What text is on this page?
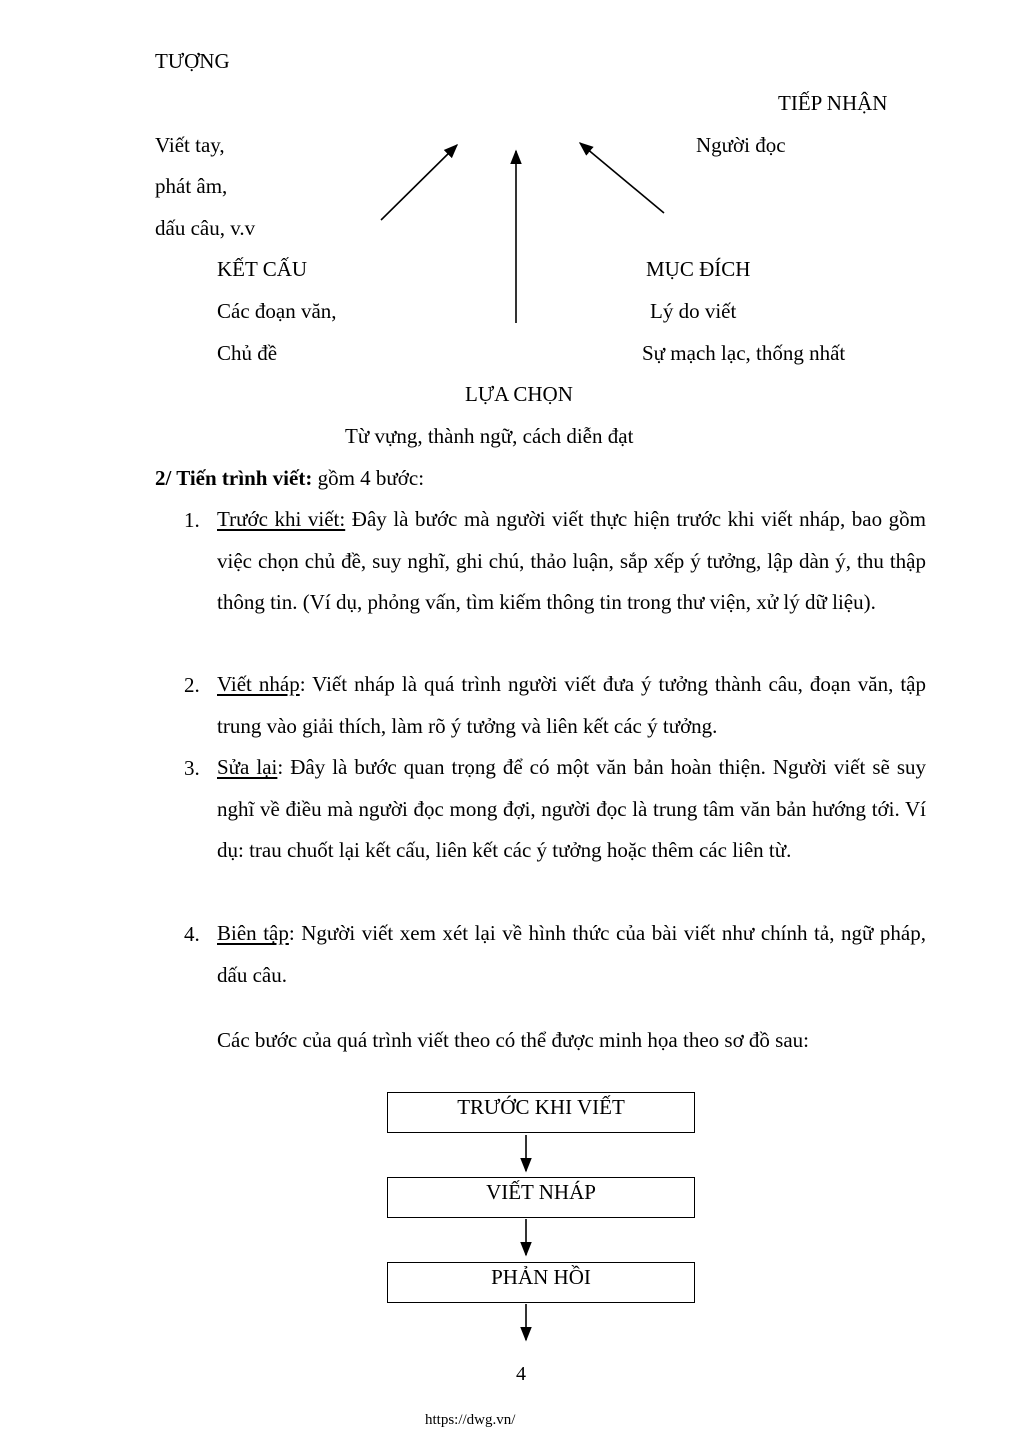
TƯỢNG
TIẾP NHẬN
Viết tay,	Người đọc
phát âm,
dấu câu, v.v
KẾT CẤU	MỤC ĐÍCH
Các đoạn văn,	Lý do viết
Chủ đề	Sự mạch lạc, thống nhất
LỰA CHỌN
Từ vựng, thành ngữ, cách diễn đạt
2/ Tiến trình viết: gồm 4 bước:
1. Trước khi viết: Đây là bước mà người viết thực hiện trước khi viết nháp, bao gồm việc chọn chủ đề, suy nghĩ, ghi chú, thảo luận, sắp xếp ý tưởng, lập dàn ý, thu thập thông tin. (Ví dụ, phỏng vấn, tìm kiếm thông tin trong thư viện, xử lý dữ liệu).
2. Viết nháp: Viết nháp là quá trình người viết đưa ý tưởng thành câu, đoạn văn, tập trung vào giải thích, làm rõ ý tưởng và liên kết các ý tưởng.
3. Sửa lại: Đây là bước quan trọng để có một văn bản hoàn thiện. Người viết sẽ suy nghĩ về điều mà người đọc mong đợi, người đọc là trung tâm văn bản hướng tới. Ví dụ: trau chuốt lại kết cấu, liên kết các ý tưởng hoặc thêm các liên từ.
4. Biên tập: Người viết xem xét lại về hình thức của bài viết như chính tả, ngữ pháp, dấu câu.
Các bước của quá trình viết theo có thể được minh họa theo sơ đồ sau:
TRƯỚC KHI VIẾT
VIẾT NHÁP
PHẢN HỒI
4
https://dwg.vn/
